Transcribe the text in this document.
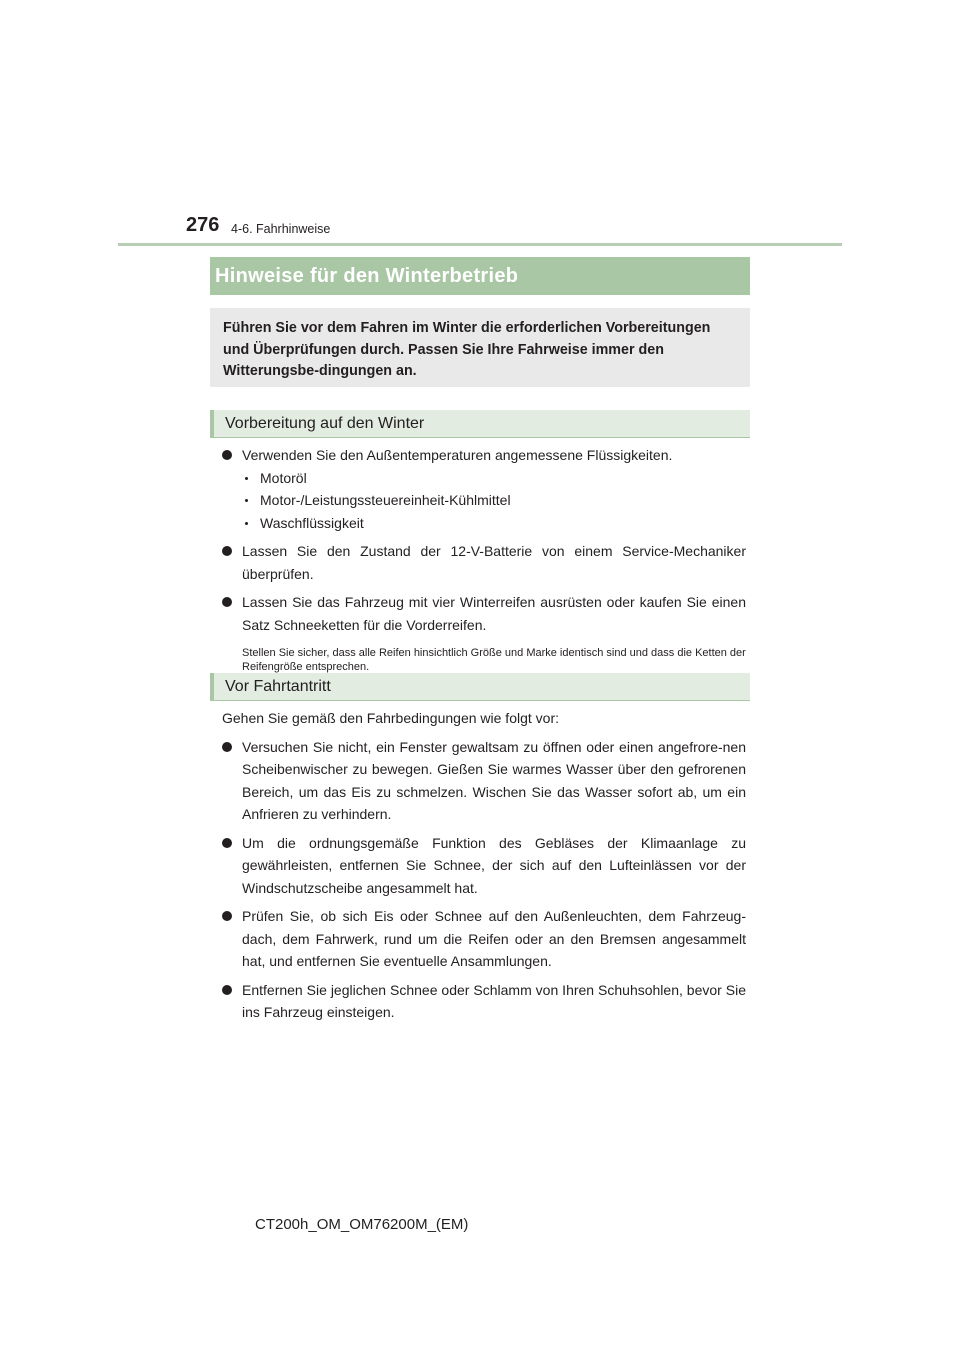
276 4-6. Fahrhinweise
Hinweise für den Winterbetrieb
Führen Sie vor dem Fahren im Winter die erforderlichen Vorbereitungen und Überprüfungen durch. Passen Sie Ihre Fahrweise immer den Witterungsbe-dingungen an.
Vorbereitung auf den Winter
Verwenden Sie den Außentemperaturen angemessene Flüssigkeiten.
Motoröl
Motor-/Leistungssteuereinheit-Kühlmittel
Waschflüssigkeit
Lassen Sie den Zustand der 12-V-Batterie von einem Service-Mechaniker überprüfen.
Lassen Sie das Fahrzeug mit vier Winterreifen ausrüsten oder kaufen Sie einen Satz Schneeketten für die Vorderreifen.
Stellen Sie sicher, dass alle Reifen hinsichtlich Größe und Marke identisch sind und dass die Ketten der Reifengröße entsprechen.
Vor Fahrtantritt
Gehen Sie gemäß den Fahrbedingungen wie folgt vor:
Versuchen Sie nicht, ein Fenster gewaltsam zu öffnen oder einen angefrore-nen Scheibenwischer zu bewegen. Gießen Sie warmes Wasser über den gefrorenen Bereich, um das Eis zu schmelzen. Wischen Sie das Wasser sofort ab, um ein Anfrieren zu verhindern.
Um die ordnungsgemäße Funktion des Gebläses der Klimaanlage zu gewährleisten, entfernen Sie Schnee, der sich auf den Lufteinlässen vor der Windschutzscheibe angesammelt hat.
Prüfen Sie, ob sich Eis oder Schnee auf den Außenleuchten, dem Fahrzeug-dach, dem Fahrwerk, rund um die Reifen oder an den Bremsen angesammelt hat, und entfernen Sie eventuelle Ansammlungen.
Entfernen Sie jeglichen Schnee oder Schlamm von Ihren Schuhsohlen, bevor Sie ins Fahrzeug einsteigen.
CT200h_OM_OM76200M_(EM)
